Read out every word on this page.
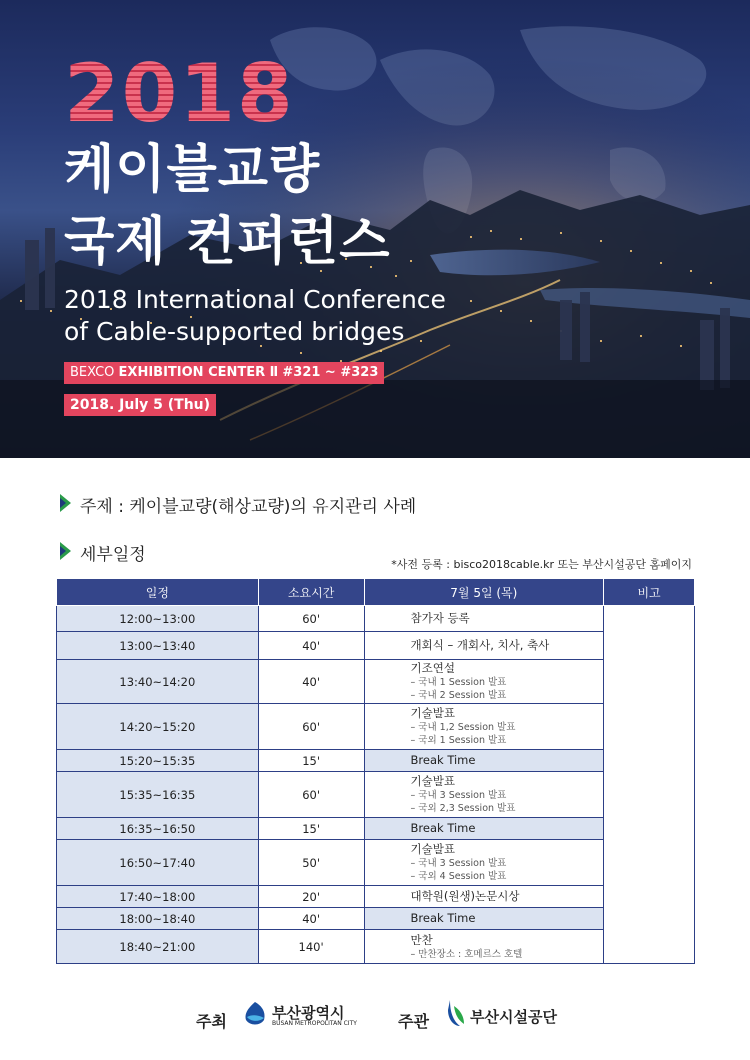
2018
케이블교량
국제 컨퍼런스
2018 International Conference
of Cable-supported bridges
BEXCO EXHIBITION CENTER Ⅱ #321 ~ #323
2018. July 5 (Thu)
주제 : 케이블교량(해상교량)의 유지관리 사례
세부일정	*사전 등록 : bisco2018cable.kr 또는 부산시설공단 홈페이지
일정	소요시간	7월 5일 (목)	비고
12:00~13:00	60'	참가자 등록	

13:00~13:40	40'	개회식 – 개회사, 치사, 축사	

13:40~14:20	40'	기조연설
– 국내 1 Session 발표
– 국내 2 Session 발표	

14:20~15:20	60'	기술발표
– 국내 1,2 Session 발표
– 국외 1 Session 발표	

15:20~15:35	15'	Break Time	

15:35~16:35	60'	기술발표
– 국내 3 Session 발표
– 국외 2,3 Session 발표	

16:35~16:50	15'	Break Time	

16:50~17:40	50'	기술발표
– 국내 3 Session 발표
– 국외 4 Session 발표	

17:40~18:00	20'	대학원(원생)논문시상	

18:00~18:40	40'	Break Time	

18:40~21:00	140'	만찬
– 만찬장소 : 호메르스 호텔	
주최	부산광역시
BUSAN METROPOLITAN CITY	주관	부산시설공단
